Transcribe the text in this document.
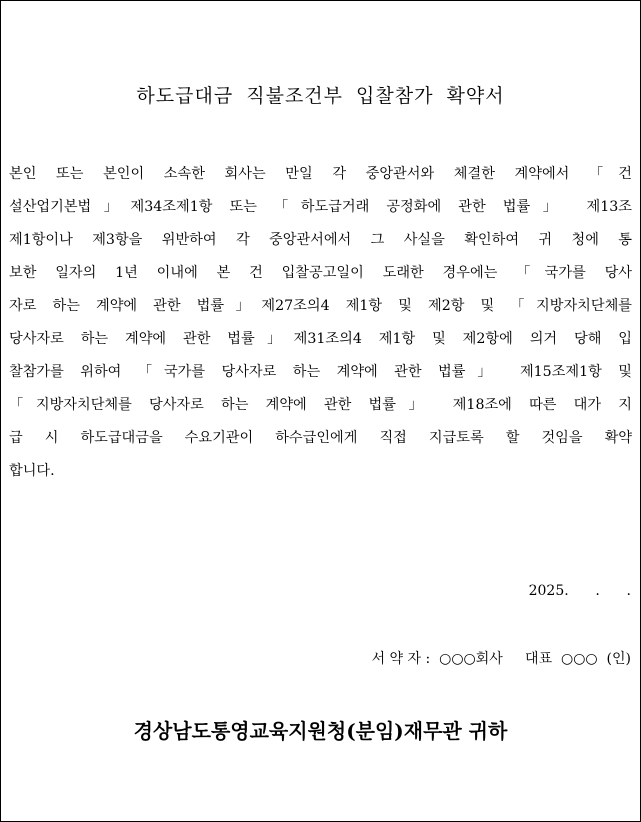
하도급대금 직불조건부 입찰참가 확약서
본인 또는 본인이 소속한 회사는 만일 각 중앙관서와 체결한 계약에서 「건
설산업기본법」제34조제1항 또는 「하도급거래 공정화에 관한 법률」 제13조
제1항이나 제3항을 위반하여 각 중앙관서에서 그 사실을 확인하여 귀 청에 통
보한 일자의 1년 이내에 본 건 입찰공고일이 도래한 경우에는 「국가를 당사
자로 하는 계약에 관한 법률」제27조의4 제1항 및 제2항 및 「지방자치단체를
당사자로 하는 계약에 관한 법률」제31조의4 제1항 및 제2항에 의거 당해 입
찰참가를 위하여 「국가를 당사자로 하는 계약에 관한 법률」 제15조제1항 및
「지방자치단체를 당사자로 하는 계약에 관한 법률」 제18조에 따른 대가 지
급 시 하도급대금을 수요기관이 하수급인에게 직접 지급토록 할 것임을 확약
합니다.
2025.      .      .
서 약 자 :  ○○○회사     대표  ○○○  (인)
경상남도통영교육지원청(분임)재무관 귀하
